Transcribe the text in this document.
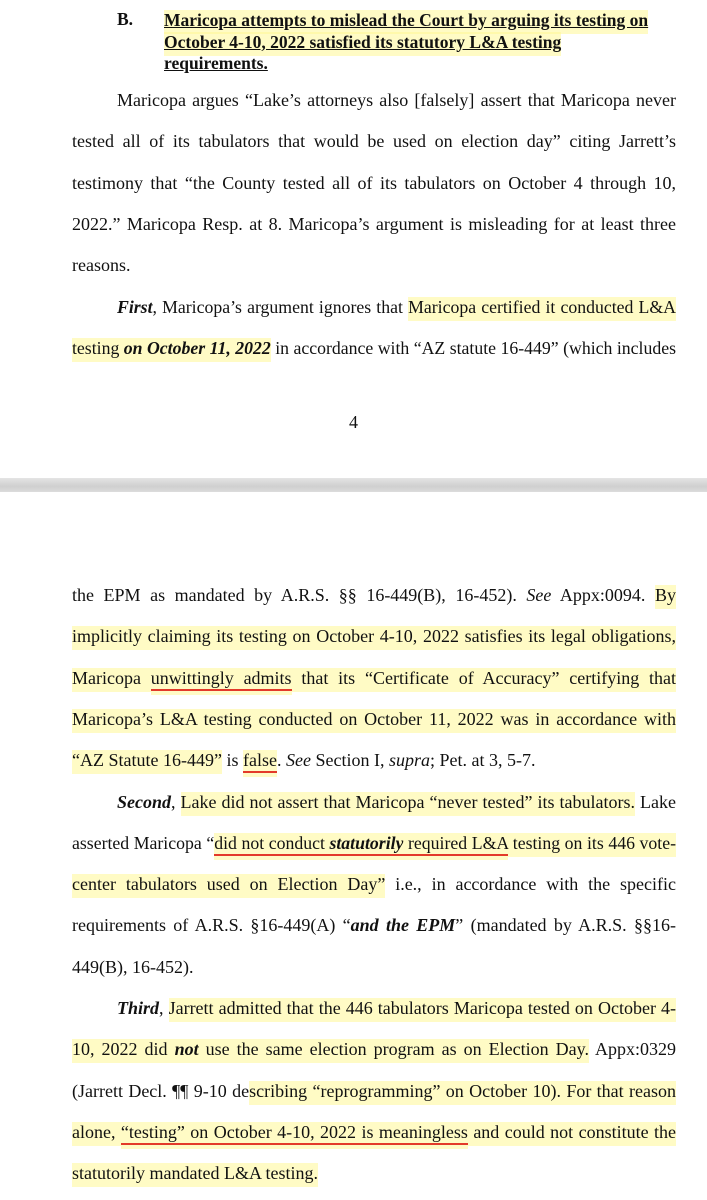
B. Maricopa attempts to mislead the Court by arguing its testing on
October 4-10, 2022 satisfied its statutory L&A testing
requirements.
Maricopa argues “Lake’s attorneys also [falsely] assert that Maricopa never
tested all of its tabulators that would be used on election day” citing Jarrett’s
testimony that “the County tested all of its tabulators on October 4 through 10,
2022.” Maricopa Resp. at 8. Maricopa’s argument is misleading for at least three
reasons.
First, Maricopa’s argument ignores that Maricopa certified it conducted L&A
testing on October 11, 2022 in accordance with “AZ statute 16-449” (which includes
4
the EPM as mandated by A.R.S. §§ 16-449(B), 16-452). See Appx:0094. By
implicitly claiming its testing on October 4-10, 2022 satisfies its legal obligations,
Maricopa unwittingly admits that its “Certificate of Accuracy” certifying that
Maricopa’s L&A testing conducted on October 11, 2022 was in accordance with
“AZ Statute 16-449” is false. See Section I, supra; Pet. at 3, 5-7.
Second, Lake did not assert that Maricopa “never tested” its tabulators. Lake
asserted Maricopa “did not conduct statutorily required L&A testing on its 446 vote-
center tabulators used on Election Day” i.e., in accordance with the specific
requirements of A.R.S. §16-449(A) “and the EPM” (mandated by A.R.S. §§16-
449(B), 16-452).
Third, Jarrett admitted that the 446 tabulators Maricopa tested on October 4-
10, 2022 did not use the same election program as on Election Day. Appx:0329
(Jarrett Decl. ¶¶ 9-10 describing “reprogramming” on October 10). For that reason
alone, “testing” on October 4-10, 2022 is meaningless and could not constitute the
statutorily mandated L&A testing.
